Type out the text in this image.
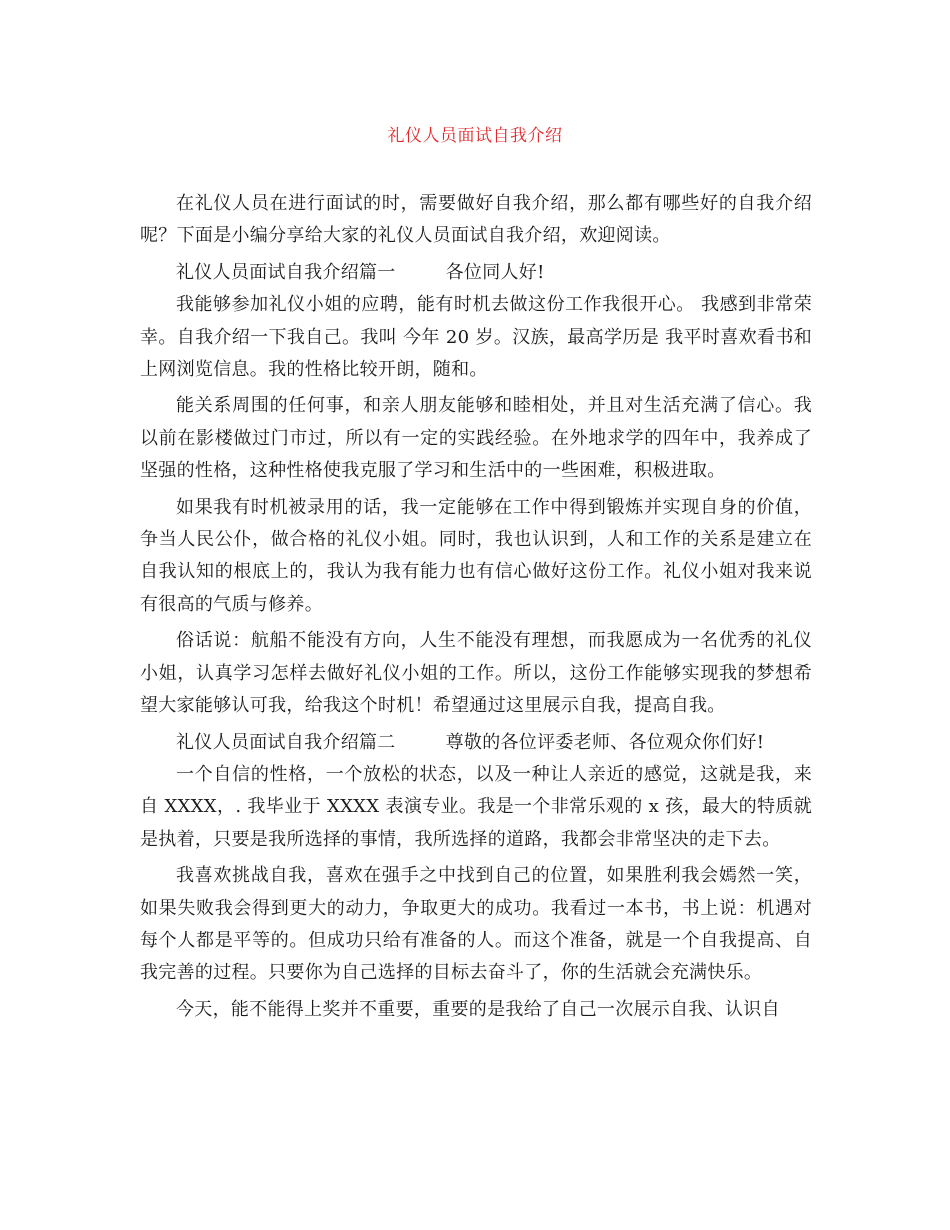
礼仪人员面试自我介绍

在礼仪人员在进行面试的时，需要做好自我介绍，那么都有哪些好的自我介绍呢？下面是小编分享给大家的礼仪人员面试自我介绍，欢迎阅读。

礼仪人员面试自我介绍篇一	各位同人好!

我能够参加礼仪小姐的应聘，能有时机去做这份工作我很开心。 我感到非常荣幸。自我介绍一下我自己。我叫 今年 20 岁。汉族，最高学历是 我平时喜欢看书和上网浏览信息。我的性格比较开朗，随和。

能关系周围的任何事，和亲人朋友能够和睦相处，并且对生活充满了信心。我以前在影楼做过门市过，所以有一定的实践经验。在外地求学的四年中，我养成了坚强的性格，这种性格使我克服了学习和生活中的一些困难，积极进取。

如果我有时机被录用的话，我一定能够在工作中得到锻炼并实现自身的价值，争当人民公仆，做合格的礼仪小姐。同时，我也认识到，人和工作的关系是建立在自我认知的根底上的，我认为我有能力也有信心做好这份工作。礼仪小姐对我来说有很高的气质与修养。

俗话说：航船不能没有方向，人生不能没有理想，而我愿成为一名优秀的礼仪小姐，认真学习怎样去做好礼仪小姐的工作。所以，这份工作能够实现我的梦想希望大家能够认可我，给我这个时机！希望通过这里展示自我，提高自我。

礼仪人员面试自我介绍篇二	尊敬的各位评委老师、各位观众你们好!

一个自信的性格，一个放松的状态，以及一种让人亲近的感觉，这就是我，来自 XXXX，. 我毕业于 XXXX 表演专业。我是一个非常乐观的 x 孩，最大的特质就是执着，只要是我所选择的事情，我所选择的道路，我都会非常坚决的走下去。

我喜欢挑战自我，喜欢在强手之中找到自己的位置，如果胜利我会嫣然一笑，如果失败我会得到更大的动力，争取更大的成功。我看过一本书，书上说：机遇对每个人都是平等的。但成功只给有准备的人。而这个准备，就是一个自我提高、自我完善的过程。只要你为自己选择的目标去奋斗了，你的生活就会充满快乐。

今天，能不能得上奖并不重要，重要的是我给了自己一次展示自我、认识自
